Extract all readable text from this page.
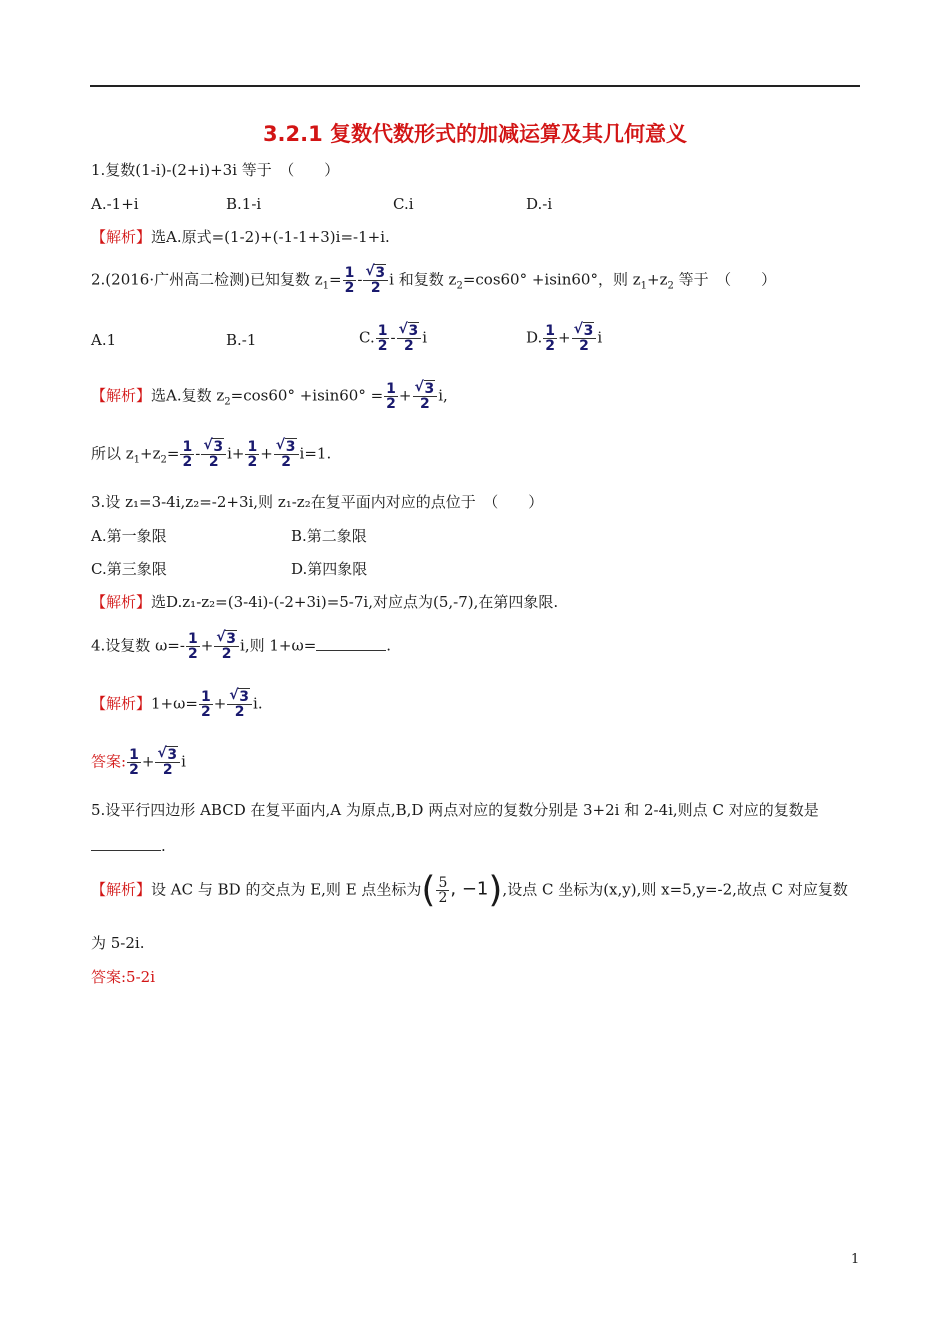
3.2.1 复数代数形式的加减运算及其几何意义
1.复数(1-i)-(2+i)+3i 等于　（　　）
A.-1+i	B.1-i	C.i	D.-i
【解析】选A.原式=(1-2)+(-1-1+3)i=-1+i.
2.(2016·广州高二检测)已知复数 $z_1= \frac{1}{2} - \frac{√ 3}{2}$ i 和复数 $z_2=\cos 60^\circ +isin60^\circ$，则 $z_1+z_2$ 等于　（　　）
A.1	B.-1	C. $\frac{1}{2} - \frac{√ 3}{2}$ i	D. $\frac{1}{2} + \frac{√ 3}{2}$ i
【解析】选A.复数 $z_2=\cos 60^\circ +isin60^\circ = \frac{1}{2} + \frac{√ 3}{2} i$,
所以 $z_1+z_2= \frac{1}{2} - \frac{√ 3}{2} i+ \frac{1}{2} + \frac{√ 3}{2} i=1$.
3.设 z₁=3-4i,z₂=-2+3i,则 z₁-z₂在复平面内对应的点位于　（　　）
A.第一象限	B.第二象限
C.第三象限	D.第四象限
【解析】选D.z₁-z₂=(3-4i)-(-2+3i)=5-7i,对应点为(5,-7),在第四象限.
4.设复数 $\omega=- \frac{1}{2} + \frac{√ 3}{2} i$,则 1+ω=	.
【解析】$1+\omega= \frac{1}{2} + \frac{√ 3}{2} i$.
答案: $\frac{1}{2} + \frac{√ 3}{2}$ i
5.设平行四边形 ABCD 在复平面内,A 为原点,B,D 两点对应的复数分别是 3+2i 和 2-4i,则点 C 对应的复数是
.
【解析】设 AC 与 BD 的交点为 E,则 E 点坐标为( $\frac{5}{2}$ , −1),设点 C 坐标为(x,y),则 x=5,y=-2,故点 C 对应复数
为 5-2i.
答案:5-2i
1
